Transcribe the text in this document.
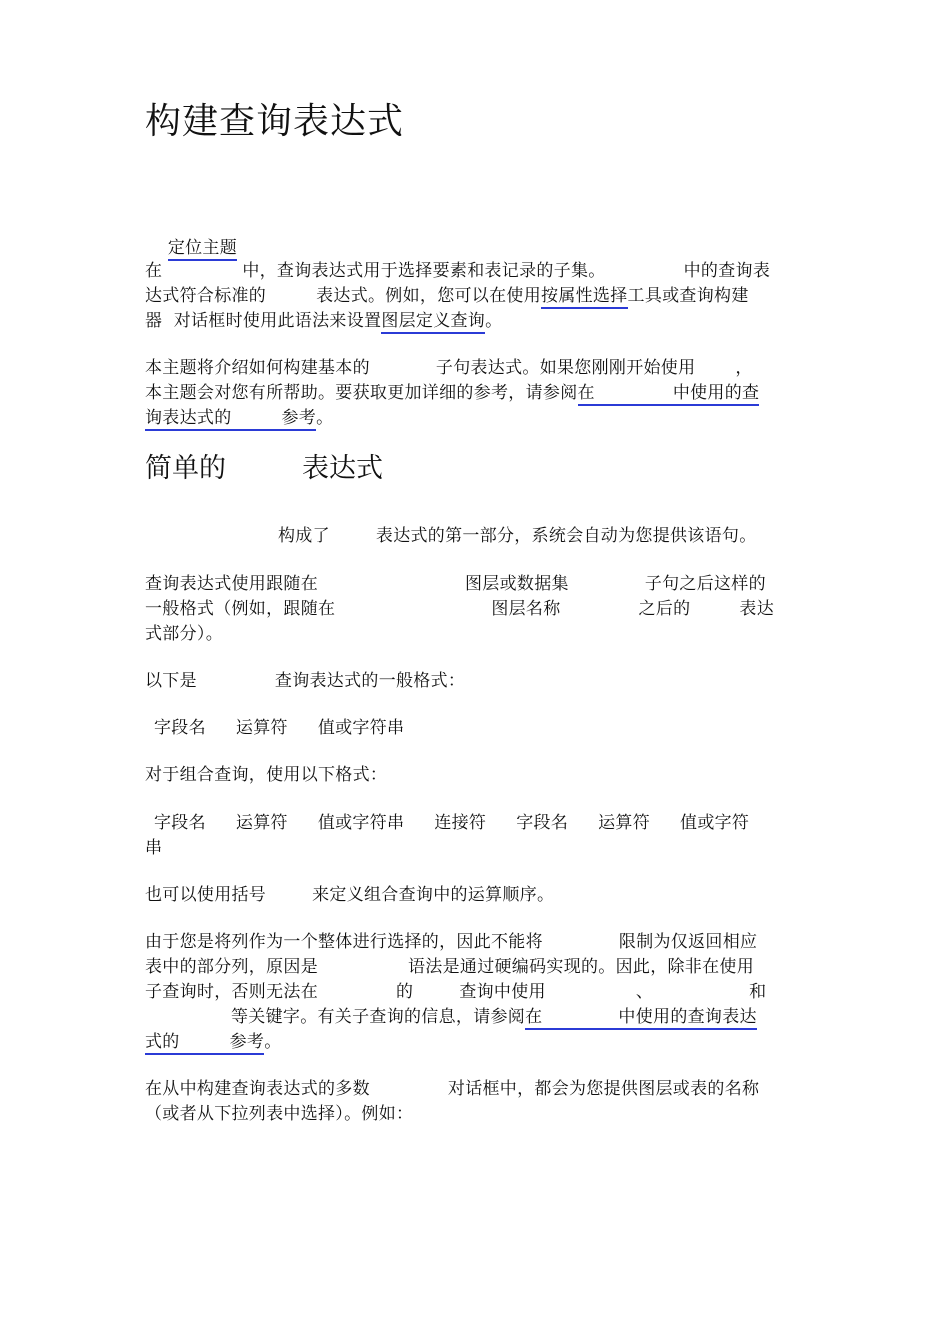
构建查询表达式

定位主题

在	中，查询表达式用于选择要素和表记录的子集。	中的查询表
达式符合标准的	表达式。例如，您可以在使用按属性选择工具或查询构建
器  对话框时使用此语法来设置图层定义查询。
本主题将介绍如何构建基本的	子句表达式。如果您刚刚开始使用 ，
本主题会对您有所帮助。要获取更加详细的参考，请参阅在	中使用的查
询表达式的	参考。
简单的	表达式
构成了	表达式的第一部分，系统会自动为您提供该语句。
查询表达式使用跟随在	图层或数据集	子句之后这样的
一般格式（例如，跟随在	图层名称	之后的	表达
式部分）。
以下是	查询表达式的一般格式：
字段名 运算符 值或字符串
对于组合查询，使用以下格式：
字段名 运算符 值或字符串 连接符 字段名 运算符 值或字符
串
也可以使用括号	来定义组合查询中的运算顺序。
由于您是将列作为一个整体进行选择的，因此不能将	限制为仅返回相应
表中的部分列，原因是	语法是通过硬编码实现的。因此，除非在使用
子查询时，否则无法在	的	查询中使用	、	和
等关键字。有关子查询的信息，请参阅在	中使用的查询表达
式的	参考。
在从中构建查询表达式的多数	对话框中，都会为您提供图层或表的名称
（或者从下拉列表中选择）。例如：
